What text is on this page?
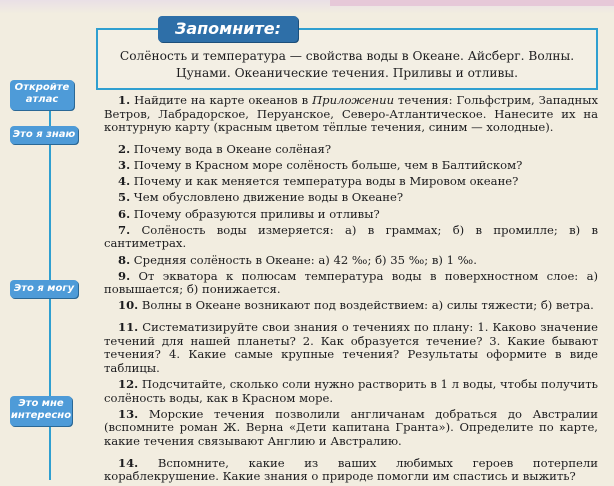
Запомните:
Солёность и температура — свойства воды в Океане. Айсберг. Волны. Цунами. Океанические течения. Приливы и отливы.
Откройте
атлас
Это я знаю
Это я могу
Это мне
интересно

1. Найдите на карте океанов в Приложении течения: Гольфстрим, Западных Ветров, Лабрадорское, Перуанское, Северо-Атлантическое. Нанесите их на контурную карту (красным цветом тёплые течения, синим — холодные).

2. Почему вода в Океане солёная?

3. Почему в Красном море солёность больше, чем в Балтийском?

4. Почему и как меняется температура воды в Мировом океане?

5. Чем обусловлено движение воды в Океане?

6. Почему образуются приливы и отливы?

7. Солёность воды измеряется: а) в граммах; б) в промилле; в) в сантиметрах.

8. Средняя солёность в Океане: а) 42 ‰; б) 35 ‰; в) 1 ‰.

9. От экватора к полюсам температура воды в поверхностном слое: а) повышается; б) понижается.

10. Волны в Океане возникают под воздействием: а) силы тяжести; б) ветра.

11. Систематизируйте свои знания о течениях по плану: 1. Каково значение течений для нашей планеты? 2. Как образуется течение? 3. Какие бывают течения? 4. Какие самые крупные течения? Результаты оформите в виде таблицы.

12. Подсчитайте, сколько соли нужно растворить в 1 л воды, чтобы получить солёность воды, как в Красном море.

13. Морские течения позволили англичанам добраться до Австралии (вспомните роман Ж. Верна «Дети капитана Гранта»). Определите по карте, какие течения связывают Англию и Австралию.

14. Вспомните, какие из ваших любимых героев потерпели кораблекрушение. Какие знания о природе помогли им спастись и выжить?
